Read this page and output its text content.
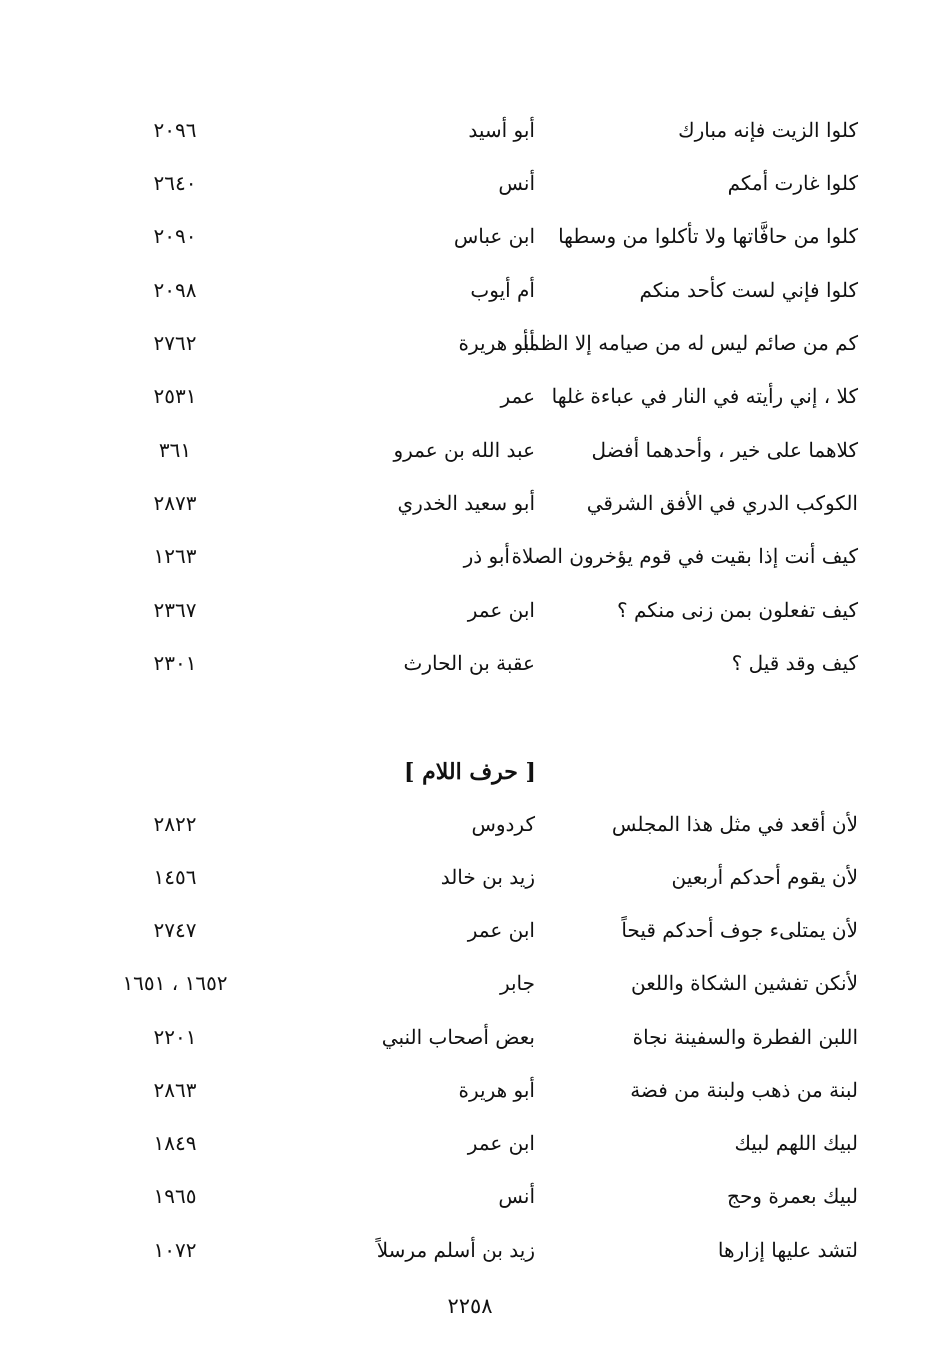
كلوا الزيت فإنه مبارك
أبو أسيد
٢٠٩٦
كلوا غارت أمكم
أنس
٢٦٤٠
كلوا من حافَّاتها ولا تأكلوا من وسطها
ابن عباس
٢٠٩٠
كلوا فإني لست كأحد منكم
أم أيوب
٢٠٩٨
كم من صائم ليس له من صيامه إلا الظمأ
أبو هريرة
٢٧٦٢
كلا ، إني رأيته في النار في عباءة غلها
عمر
٢٥٣١
كلاهما على خير ، وأحدهما أفضل
عبد الله بن عمرو
٣٦١
الكوكب الدري في الأفق الشرقي
أبو سعيد الخدري
٢٨٧٣
كيف أنت إذا بقيت في قوم يؤخرون الصلاة
أبو ذر
١٢٦٣
كيف تفعلون بمن زنى منكم ؟
ابن عمر
٢٣٦٧
كيف وقد قيل ؟
عقبة بن الحارث
٢٣٠١
[ حرف اللام ]
لأن أقعد في مثل هذا المجلس
كردوس
٢٨٢٢
لأن يقوم أحدكم أربعين
زيد بن خالد
١٤٥٦
لأن يمتلىء جوف أحدكم قيحاً
ابن عمر
٢٧٤٧
لأنكن تفشين الشكاة واللعن
جابر
١٦٥٢ ، ١٦٥١
اللبن الفطرة والسفينة نجاة
بعض أصحاب النبي
٢٢٠١
لبنة من ذهب ولبنة من فضة
أبو هريرة
٢٨٦٣
لبيك اللهم لبيك
ابن عمر
١٨٤٩
لبيك بعمرة وحج
أنس
١٩٦٥
لتشد عليها إزارها
زيد بن أسلم مرسلاً
١٠٧٢
٢٢٥٨
